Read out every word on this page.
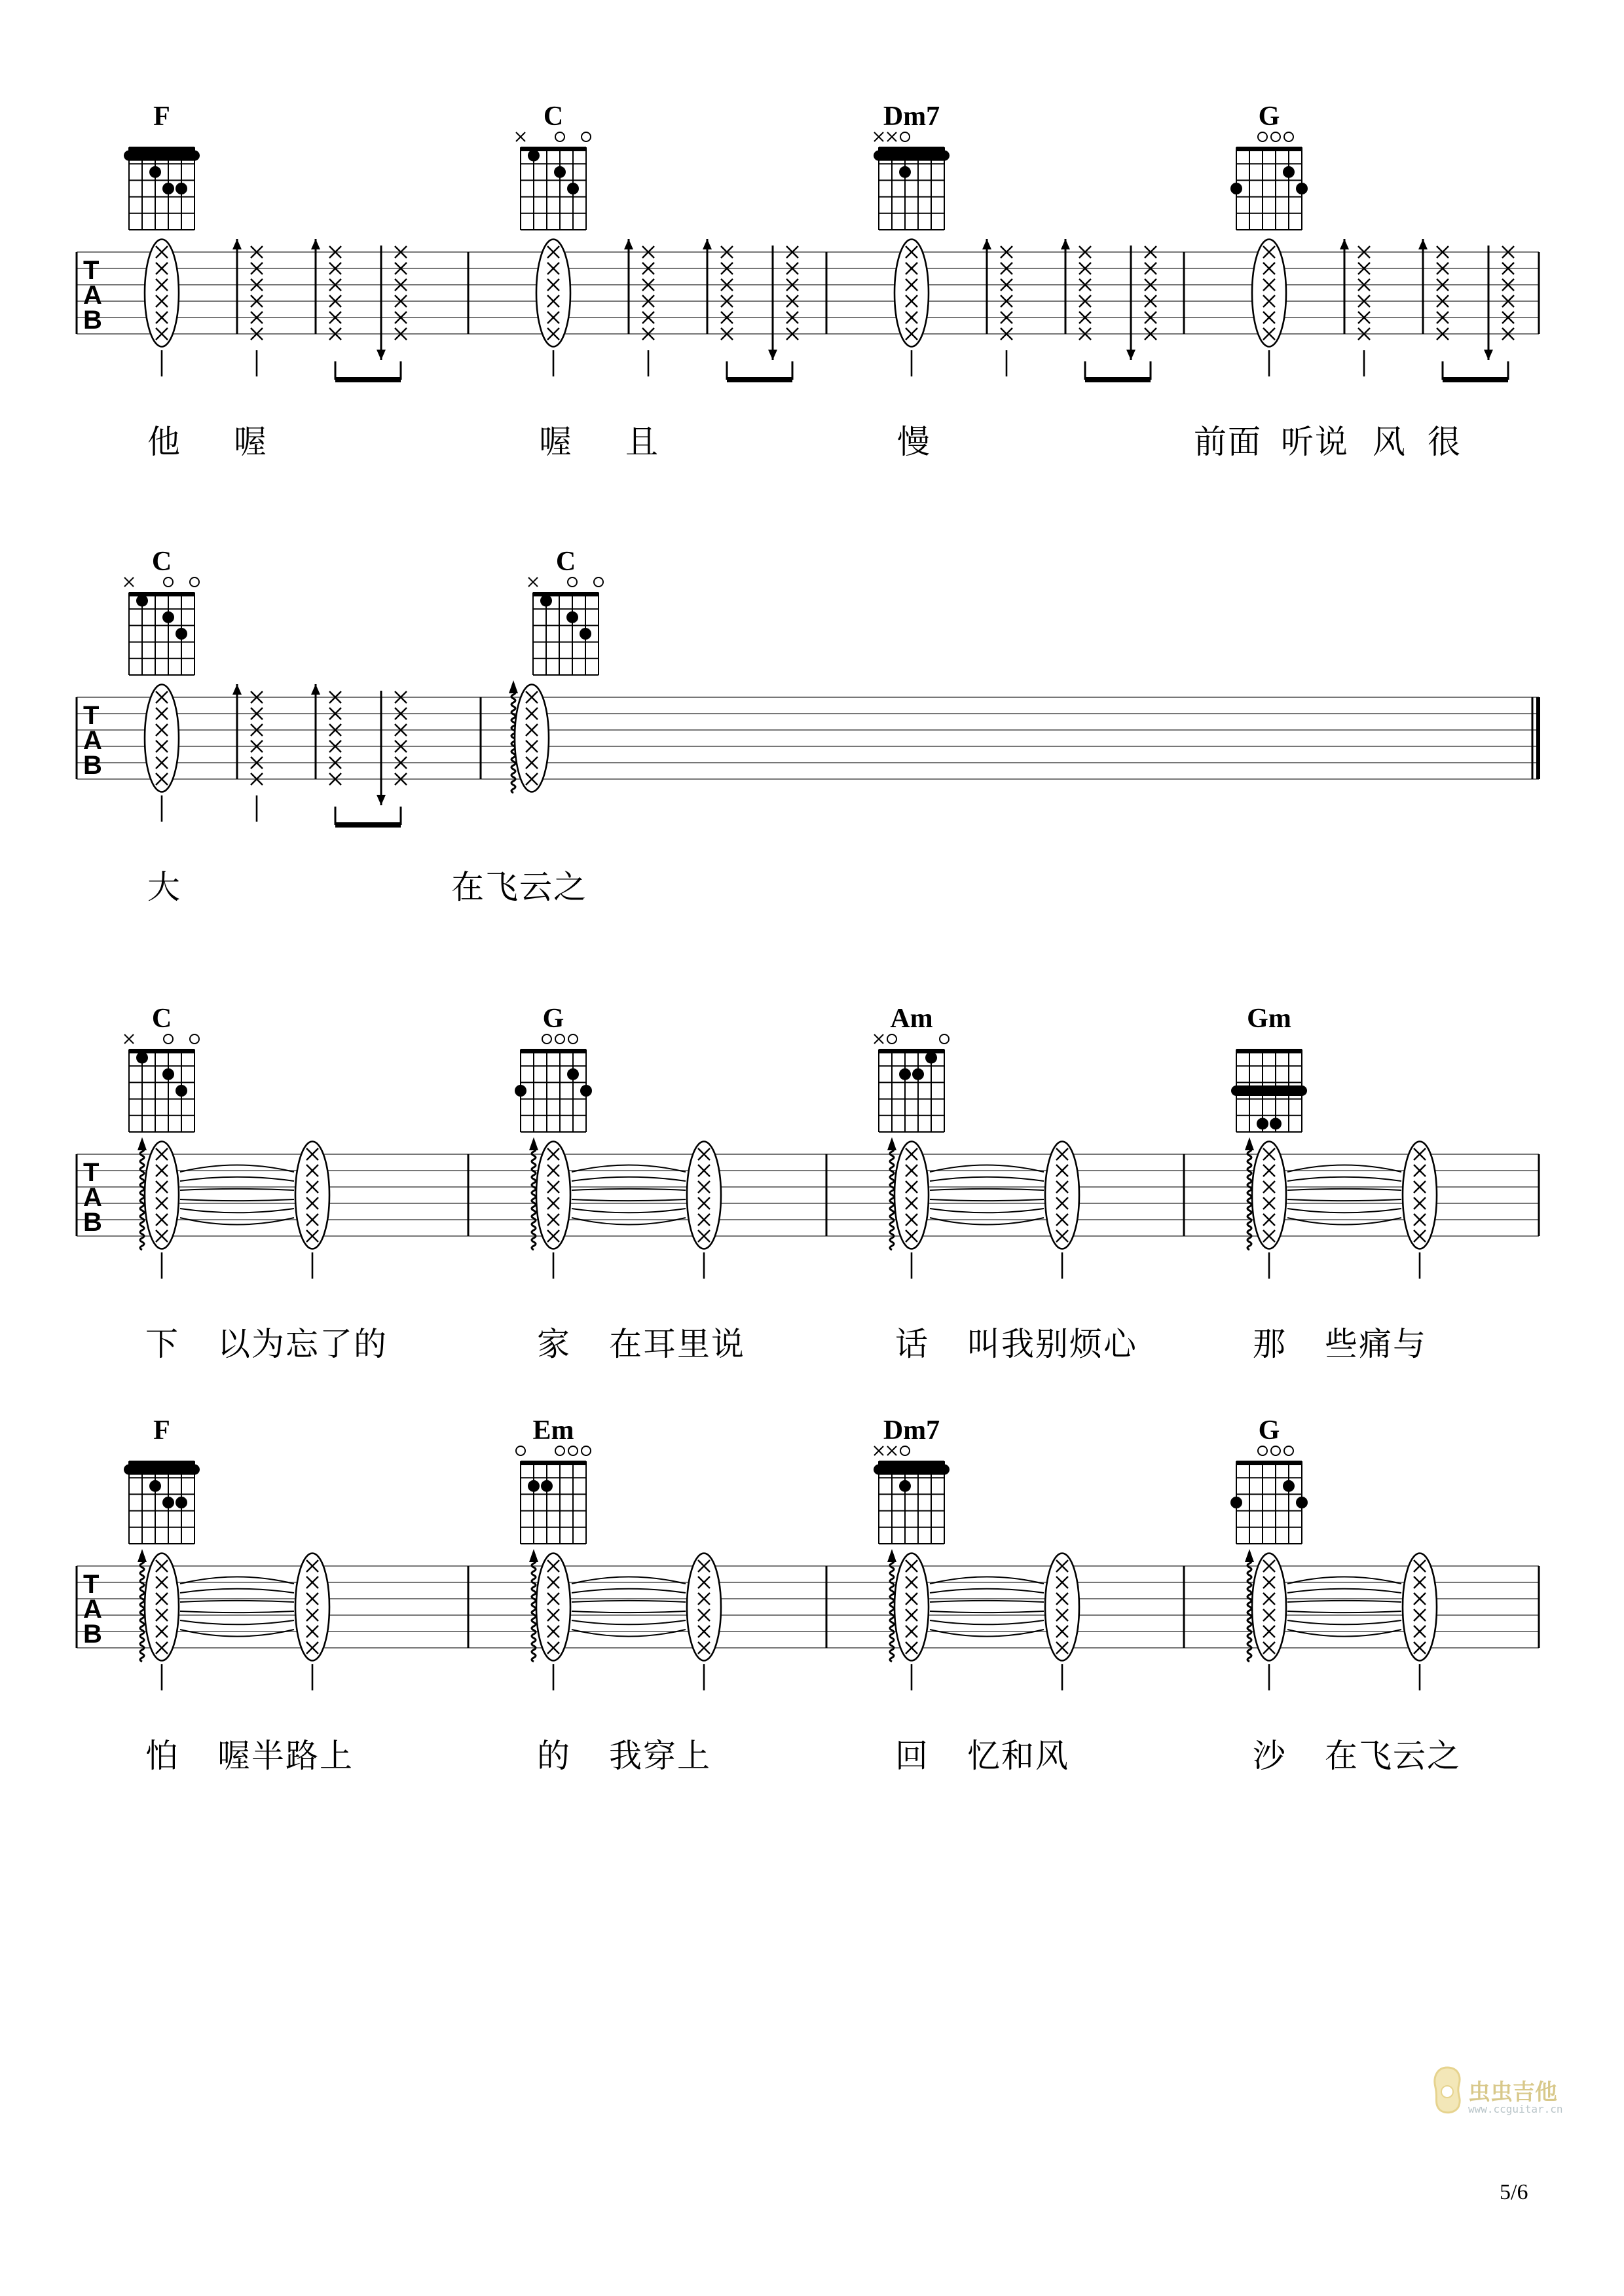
T
A
B
F
他 喔
C
喔 且
Dm7
慢
G
前面 听说 风 很
T
A
B
C
大
C
在飞云之
T
A
B
C
下 以为忘了的
G
家 在耳里说
Am
话 叫我别烦心
Gm
那 些痛与
T
A
B
F
怕 喔半路上
Em
的 我穿上
Dm7
回 忆和风
G
沙 在飞云之
虫虫吉他
www.ccguitar.cn
5/6
